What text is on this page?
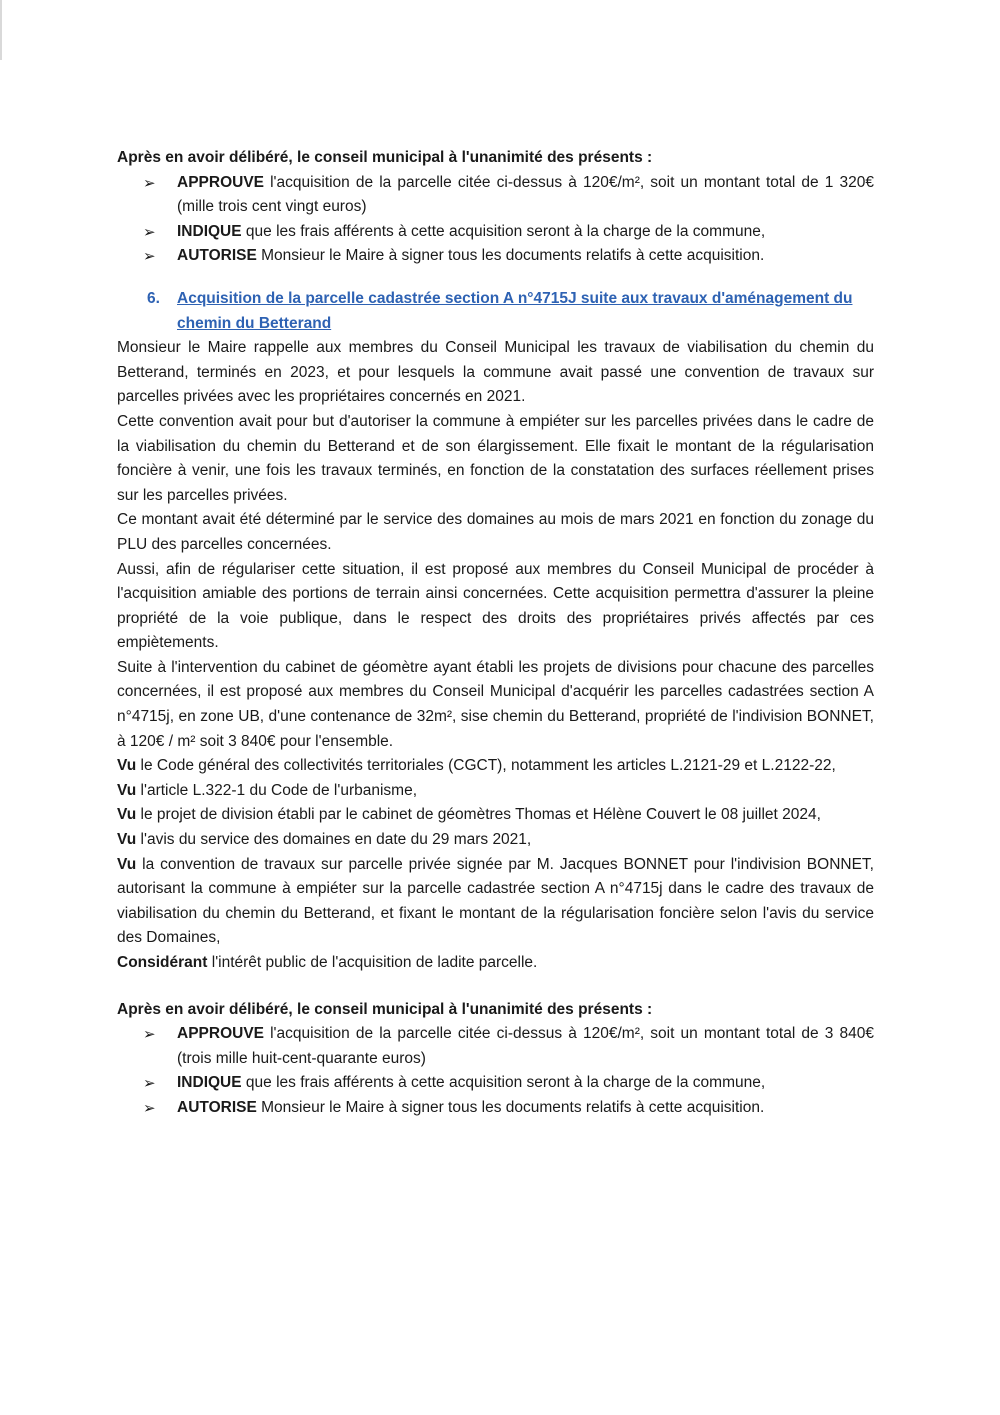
Après en avoir délibéré, le conseil municipal à l'unanimité des présents :

➢ APPROUVE l'acquisition de la parcelle citée ci-dessus à 120€/m², soit un montant total de 1 320€ (mille trois cent vingt euros)
➢ INDIQUE que les frais afférents à cette acquisition seront à la charge de la commune,
➢ AUTORISE Monsieur le Maire à signer tous les documents relatifs à cette acquisition.
6.	Acquisition de la parcelle cadastrée section A n°4715J suite aux travaux d'aménagement du chemin du Betterand

Monsieur le Maire rappelle aux membres du Conseil Municipal les travaux de viabilisation du chemin du Betterand, terminés en 2023, et pour lesquels la commune avait passé une convention de travaux sur parcelles privées avec les propriétaires concernés en 2021.

Cette convention avait pour but d'autoriser la commune à empiéter sur les parcelles privées dans le cadre de la viabilisation du chemin du Betterand et de son élargissement. Elle fixait le montant de la régularisation foncière à venir, une fois les travaux terminés, en fonction de la constatation des surfaces réellement prises sur les parcelles privées.

Ce montant avait été déterminé par le service des domaines au mois de mars 2021 en fonction du zonage du PLU des parcelles concernées.

Aussi, afin de régulariser cette situation, il est proposé aux membres du Conseil Municipal de procéder à l'acquisition amiable des portions de terrain ainsi concernées. Cette acquisition permettra d'assurer la pleine propriété de la voie publique, dans le respect des droits des propriétaires privés affectés par ces empiètements.

Suite à l'intervention du cabinet de géomètre ayant établi les projets de divisions pour chacune des parcelles concernées, il est proposé aux membres du Conseil Municipal d'acquérir les parcelles cadastrées section A n°4715j, en zone UB, d'une contenance de 32m², sise chemin du Betterand, propriété de l'indivision BONNET, à 120€ / m² soit 3 840€ pour l'ensemble.

Vu le Code général des collectivités territoriales (CGCT), notamment les articles L.2121-29 et L.2122-22,

Vu l'article L.322-1 du Code de l'urbanisme,

Vu le projet de division établi par le cabinet de géomètres Thomas et Hélène Couvert le 08 juillet 2024,

Vu l'avis du service des domaines en date du 29 mars 2021,

Vu la convention de travaux sur parcelle privée signée par M. Jacques BONNET pour l'indivision BONNET, autorisant la commune à empiéter sur la parcelle cadastrée section A n°4715j dans le cadre des travaux de viabilisation du chemin du Betterand, et fixant le montant de la régularisation foncière selon l'avis du service des Domaines,

Considérant l'intérêt public de l'acquisition de ladite parcelle.

Après en avoir délibéré, le conseil municipal à l'unanimité des présents :

➢ APPROUVE l'acquisition de la parcelle citée ci-dessus à 120€/m², soit un montant total de 3 840€ (trois mille huit-cent-quarante euros)
➢ INDIQUE que les frais afférents à cette acquisition seront à la charge de la commune,
➢ AUTORISE Monsieur le Maire à signer tous les documents relatifs à cette acquisition.
